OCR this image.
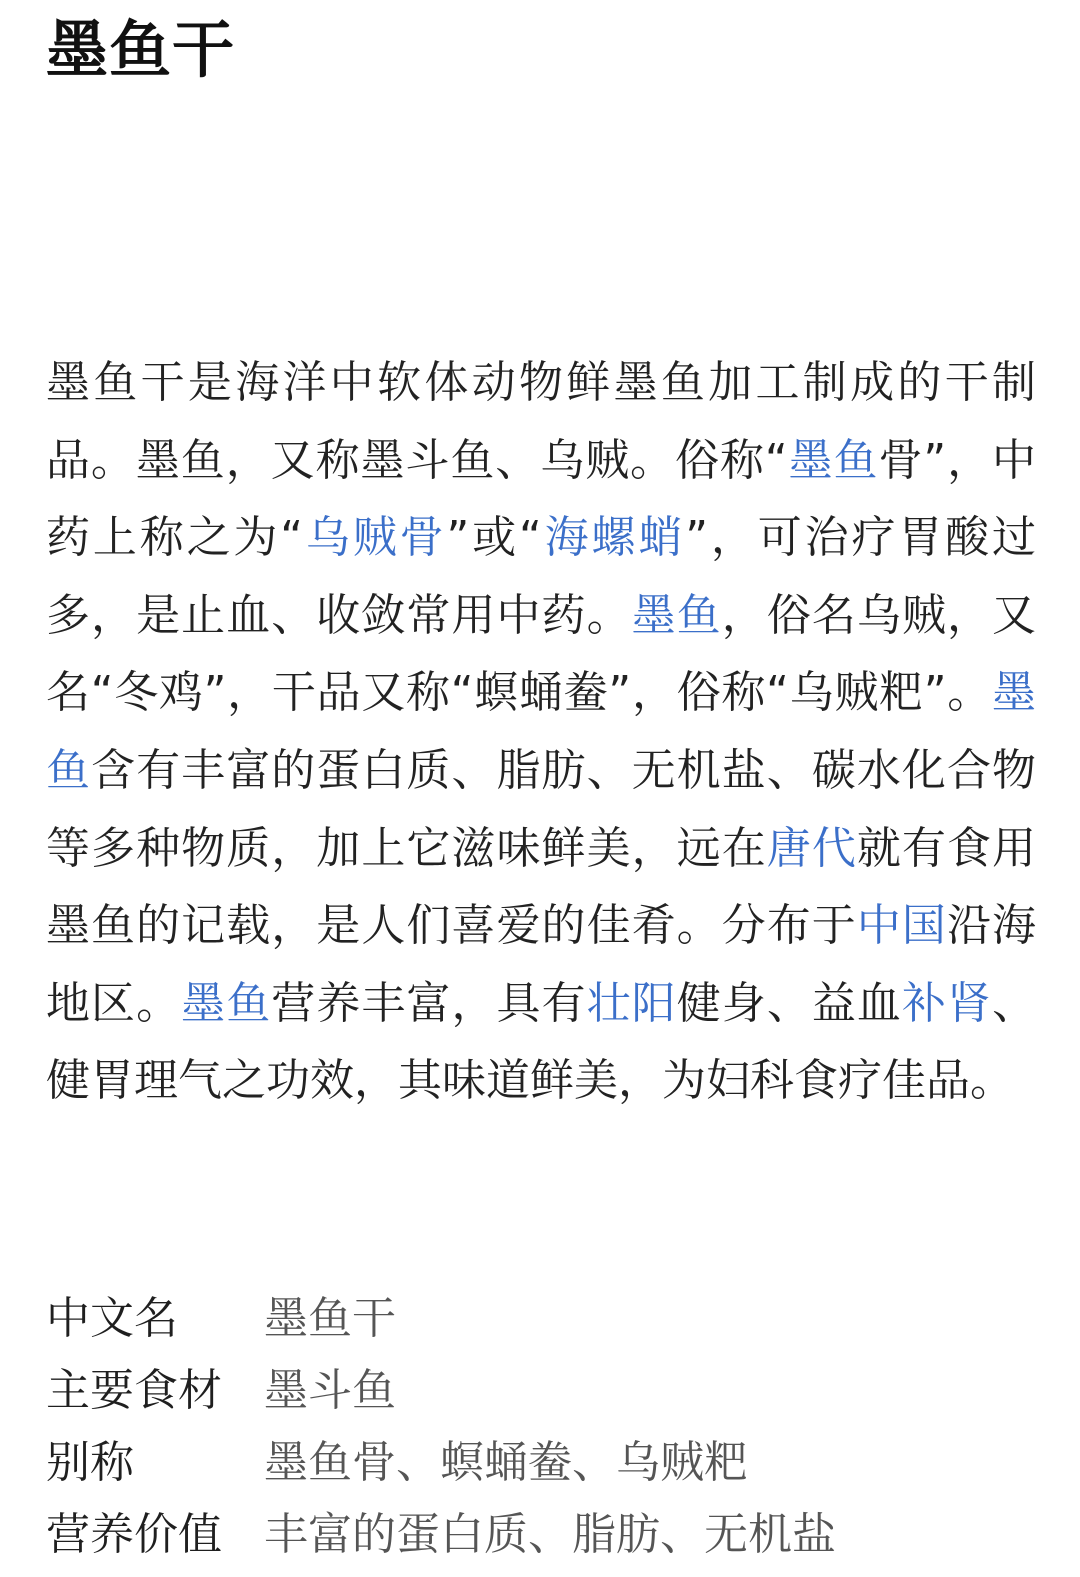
墨鱼干

墨鱼干是海洋中软体动物鲜墨鱼加工制成的干制品。墨鱼，又称墨斗鱼、乌贼。俗称“墨鱼骨”，中药上称之为“乌贼骨”或“海螺蛸”，可治疗胃酸过多，是止血、收敛常用中药。墨鱼，俗名乌贼，又名“冬鸡”，干品又称“螟蛹鲞”，俗称“乌贼粑”。墨鱼含有丰富的蛋白质、脂肪、无机盐、碳水化合物等多种物质，加上它滋味鲜美，远在唐代就有食用墨鱼的记载，是人们喜爱的佳肴。分布于中国沿海地区。墨鱼营养丰富，具有壮阳健身、益血补肾、健胃理气之功效，其味道鲜美，为妇科食疗佳品。

中文名	墨鱼干
主要食材 墨斗鱼
别称	墨鱼骨、螟蛹鲞、乌贼粑
营养价值 丰富的蛋白质、脂肪、无机盐
